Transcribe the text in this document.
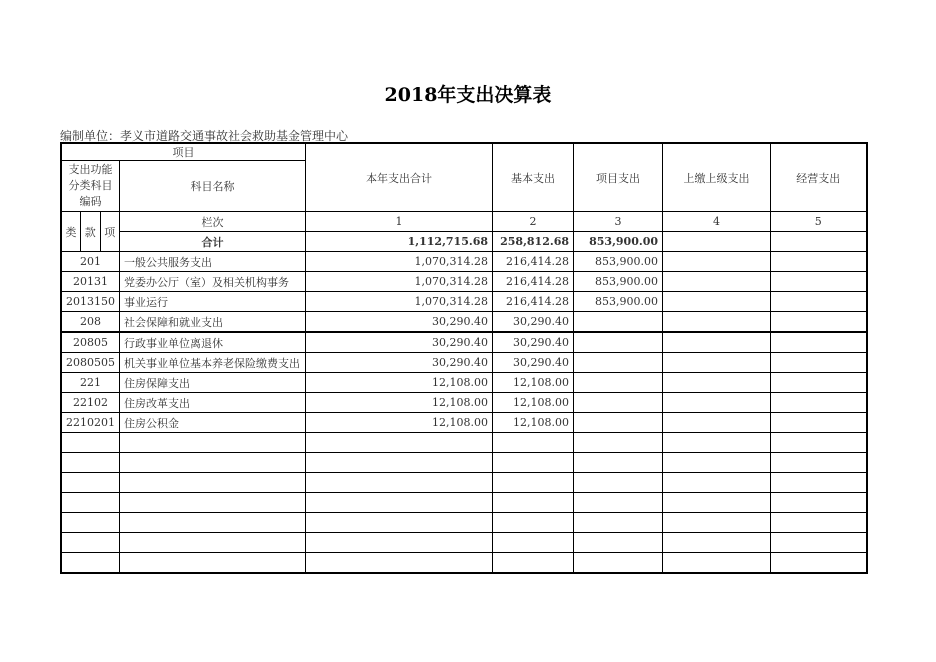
2018年支出决算表
编制单位：孝义市道路交通事故社会救助基金管理中心
项目				本年支出合计	基本支出	项目支出	上缴上级支出	经营支出
支出功能分类科目编码			科目名称					
类	款	项	栏次	1	2	3	4	5
			合计	1,112,715.68	258,812.68	853,900.00		
201			一般公共服务支出	1,070,314.28	216,414.28	853,900.00		
20131			党委办公厅（室）及相关机构事务	1,070,314.28	216,414.28	853,900.00		
2013150			事业运行	1,070,314.28	216,414.28	853,900.00		
208			社会保障和就业支出	30,290.40	30,290.40			
20805			行政事业单位离退休	30,290.40	30,290.40			
2080505			机关事业单位基本养老保险缴费支出	30,290.40	30,290.40			
221			住房保障支出	12,108.00	12,108.00			
22102			住房改革支出	12,108.00	12,108.00			
2210201			住房公积金	12,108.00	12,108.00			
